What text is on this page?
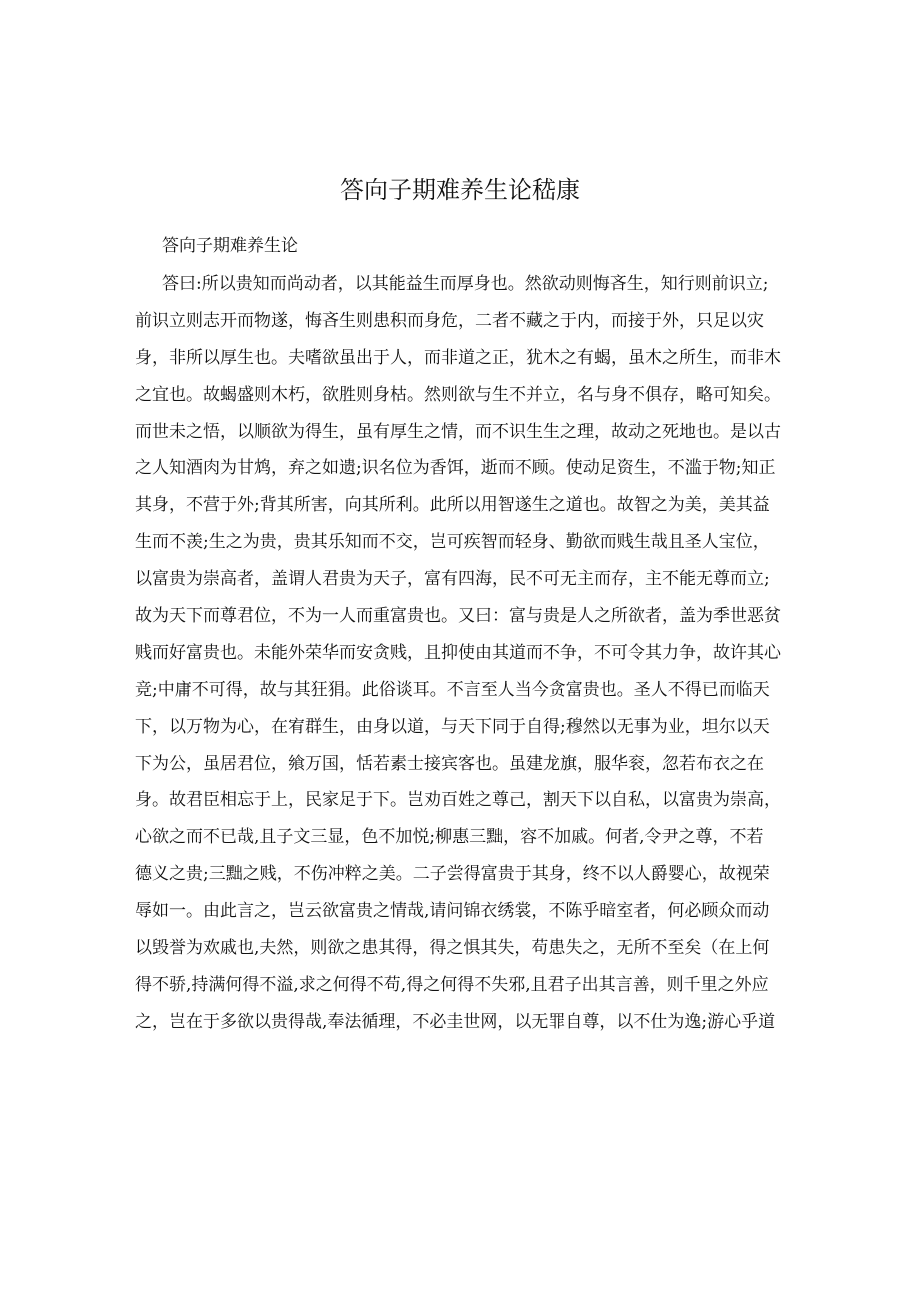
答向子期难养生论嵇康

答向子期难养生论

答曰:所以贵知而尚动者，以其能益生而厚身也。然欲动则悔吝生，知行则前识立;
前识立则志开而物遂，悔吝生则患积而身危，二者不藏之于内，而接于外，只足以灾
身，非所以厚生也。夫嗜欲虽出于人，而非道之正，犹木之有蝎，虽木之所生，而非木
之宜也。故蝎盛则木朽，欲胜则身枯。然则欲与生不并立，名与身不俱存，略可知矣。
而世未之悟，以顺欲为得生，虽有厚生之情，而不识生生之理，故动之死地也。是以古
之人知酒肉为甘鸩，弃之如遗;识名位为香饵，逝而不顾。使动足资生，不滥于物;知正
其身，不营于外;背其所害，向其所利。此所以用智遂生之道也。故智之为美，美其益
生而不羡;生之为贵，贵其乐知而不交，岂可疾智而轻身、勤欲而贱生哉且圣人宝位，
以富贵为崇高者，盖谓人君贵为天子，富有四海，民不可无主而存，主不能无尊而立;
故为天下而尊君位，不为一人而重富贵也。又曰：富与贵是人之所欲者，盖为季世恶贫
贱而好富贵也。未能外荣华而安贪贱，且抑使由其道而不争，不可令其力争，故许其心
竞;中庸不可得，故与其狂狷。此俗谈耳。不言至人当今贪富贵也。圣人不得已而临天
下，以万物为心，在宥群生，由身以道，与天下同于自得;穆然以无事为业，坦尔以天
下为公，虽居君位，飨万国，恬若素士接宾客也。虽建龙旗，服华衮，忽若布衣之在
身。故君臣相忘于上，民家足于下。岂劝百姓之尊己，割天下以自私，以富贵为崇高，
心欲之而不已哉,且子文三显，色不加悦;柳惠三黜，容不加戚。何者,令尹之尊，不若
德义之贵;三黜之贱，不伤冲粹之美。二子尝得富贵于其身，终不以人爵婴心，故视荣
辱如一。由此言之，岂云欲富贵之情哉,请问锦衣绣裳，不陈乎暗室者，何必顾众而动
以毁誉为欢戚也,夫然，则欲之患其得，得之惧其失，苟患失之，无所不至矣（在上何
得不骄,持满何得不溢,求之何得不苟,得之何得不失邪,且君子出其言善，则千里之外应
之，岂在于多欲以贵得哉,奉法循理，不必圭世网，以无罪自尊，以不仕为逸;游心乎道
